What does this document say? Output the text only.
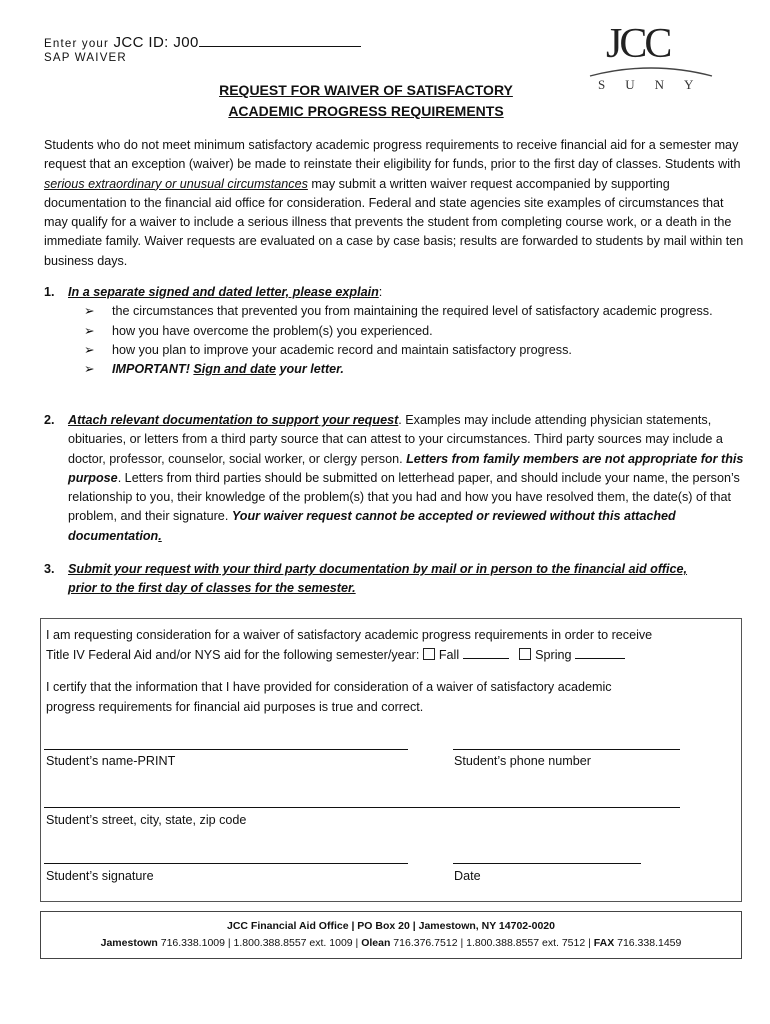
Enter your JCC ID: J00
SAP WAIVER	JCC
SUNY
REQUEST FOR WAIVER OF SATISFACTORY
ACADEMIC PROGRESS REQUIREMENTS
Students who do not meet minimum satisfactory academic progress requirements to receive financial aid for a semester may request that an exception (waiver) be made to reinstate their eligibility for funds, prior to the first day of classes. Students with serious extraordinary or unusual circumstances may submit a written waiver request accompanied by supporting documentation to the financial aid office for consideration. Federal and state agencies site examples of circumstances that may qualify for a waiver to include a serious illness that prevents the student from completing course work, or a death in the immediate family. Waiver requests are evaluated on a case by case basis; results are forwarded to students by mail within ten business days.
1. In a separate signed and dated letter, please explain:
➢ the circumstances that prevented you from maintaining the required level of satisfactory academic progress.
➢ how you have overcome the problem(s) you experienced.
➢ how you plan to improve your academic record and maintain satisfactory progress.
➢ IMPORTANT! Sign and date your letter.
2. Attach relevant documentation to support your request. Examples may include attending physician statements, obituaries, or letters from a third party source that can attest to your circumstances. Third party sources may include a doctor, professor, counselor, social worker, or clergy person. Letters from family members are not appropriate for this purpose. Letters from third parties should be submitted on letterhead paper, and should include your name, the person’s relationship to you, their knowledge of the problem(s) that you had and how you have resolved them, the date(s) of that problem, and their signature. Your waiver request cannot be accepted or reviewed without this attached documentation.
3. Submit your request with your third party documentation by mail or in person to the financial aid office,
prior to the first day of classes for the semester.
I am requesting consideration for a waiver of satisfactory academic progress requirements in order to receive
Title IV Federal Aid and/or NYS aid for the following semester/year: Fall	Spring
I certify that the information that I have provided for consideration of a waiver of satisfactory academic
progress requirements for financial aid purposes is true and correct.
Student’s name-PRINT	Student’s phone number
Student’s street, city, state, zip code
Student’s signature	Date
JCC Financial Aid Office | PO Box 20 | Jamestown, NY 14702-0020
Jamestown 716.338.1009 | 1.800.388.8557 ext. 1009 | Olean 716.376.7512 | 1.800.388.8557 ext. 7512 | FAX 716.338.1459
